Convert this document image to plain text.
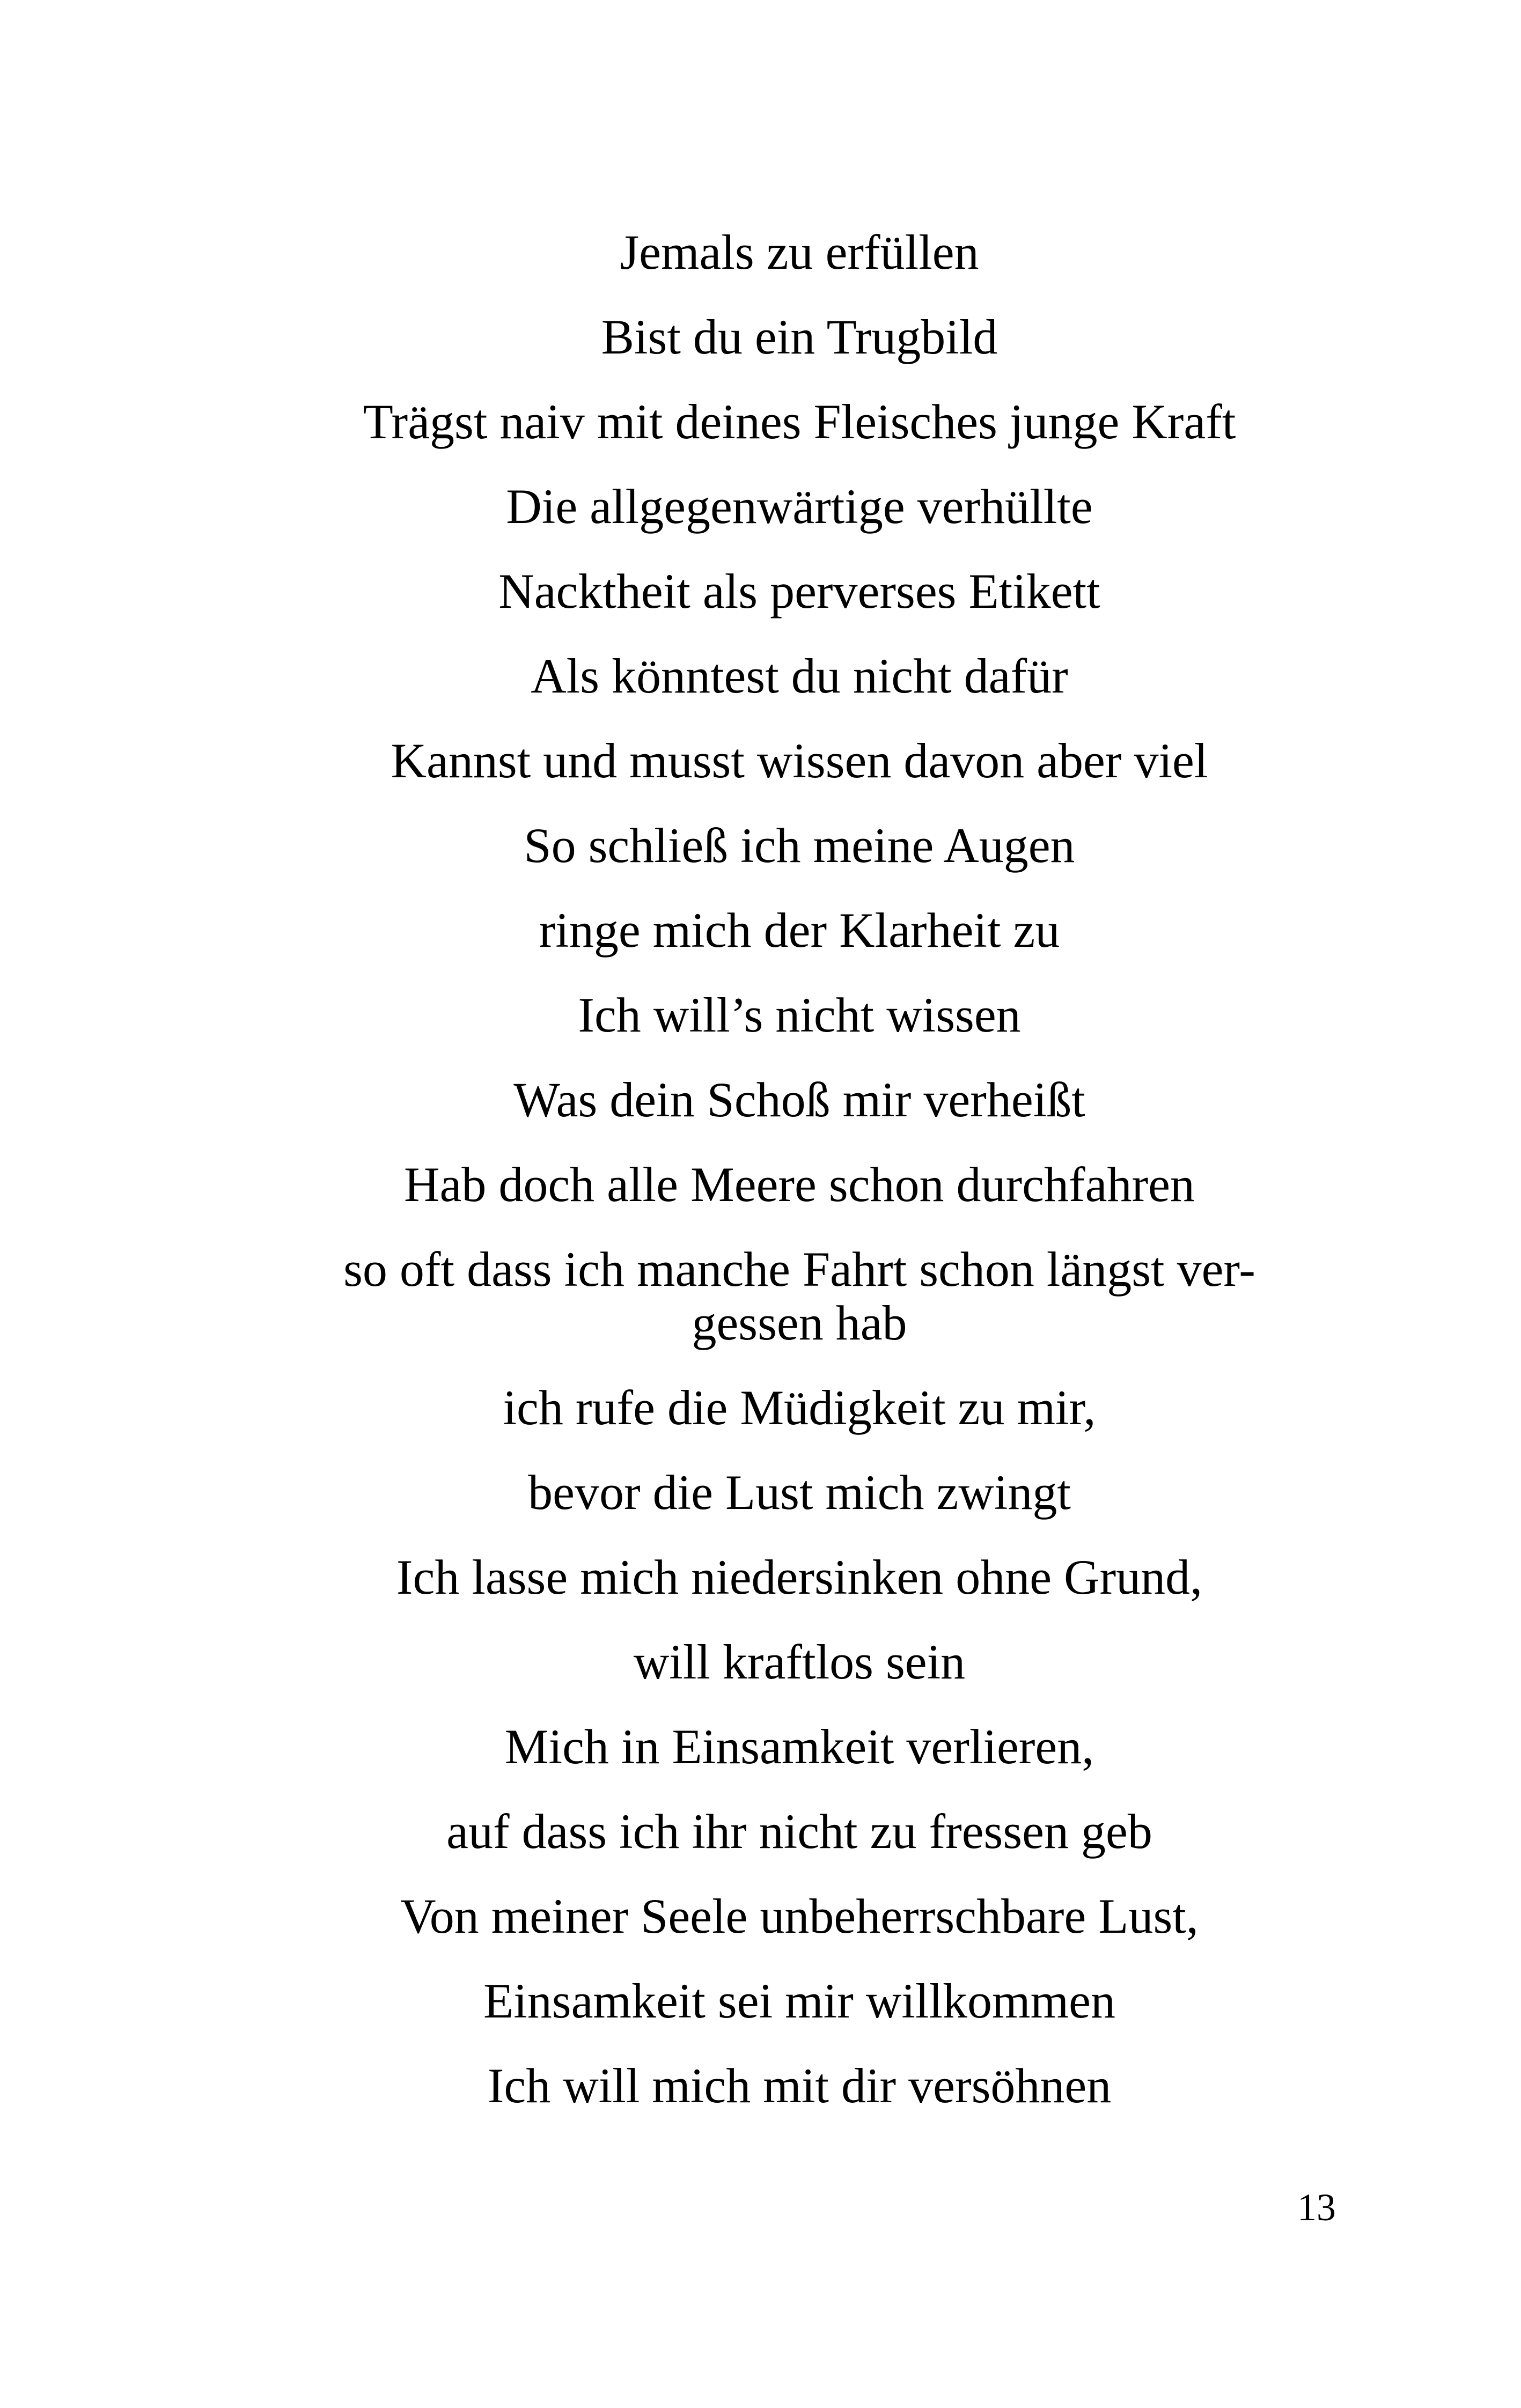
Jemals zu erfüllen
Bist du ein Trugbild
Trägst naiv mit deines Fleisches junge Kraft
Die allgegenwärtige verhüllte
Nacktheit als perverses Etikett
Als könntest du nicht dafür
Kannst und musst wissen davon aber viel
So schließ ich meine Augen
ringe mich der Klarheit zu
Ich will’s nicht wissen
Was dein Schoß mir verheißt
Hab doch alle Meere schon durchfahren
so oft dass ich manche Fahrt schon längst ver-
gessen hab
ich rufe die Müdigkeit zu mir,
bevor die Lust mich zwingt
Ich lasse mich niedersinken ohne Grund,
will kraftlos sein
Mich in Einsamkeit verlieren,
auf dass ich ihr nicht zu fressen geb
Von meiner Seele unbeherrschbare Lust,
Einsamkeit sei mir willkommen
Ich will mich mit dir versöhnen
13
